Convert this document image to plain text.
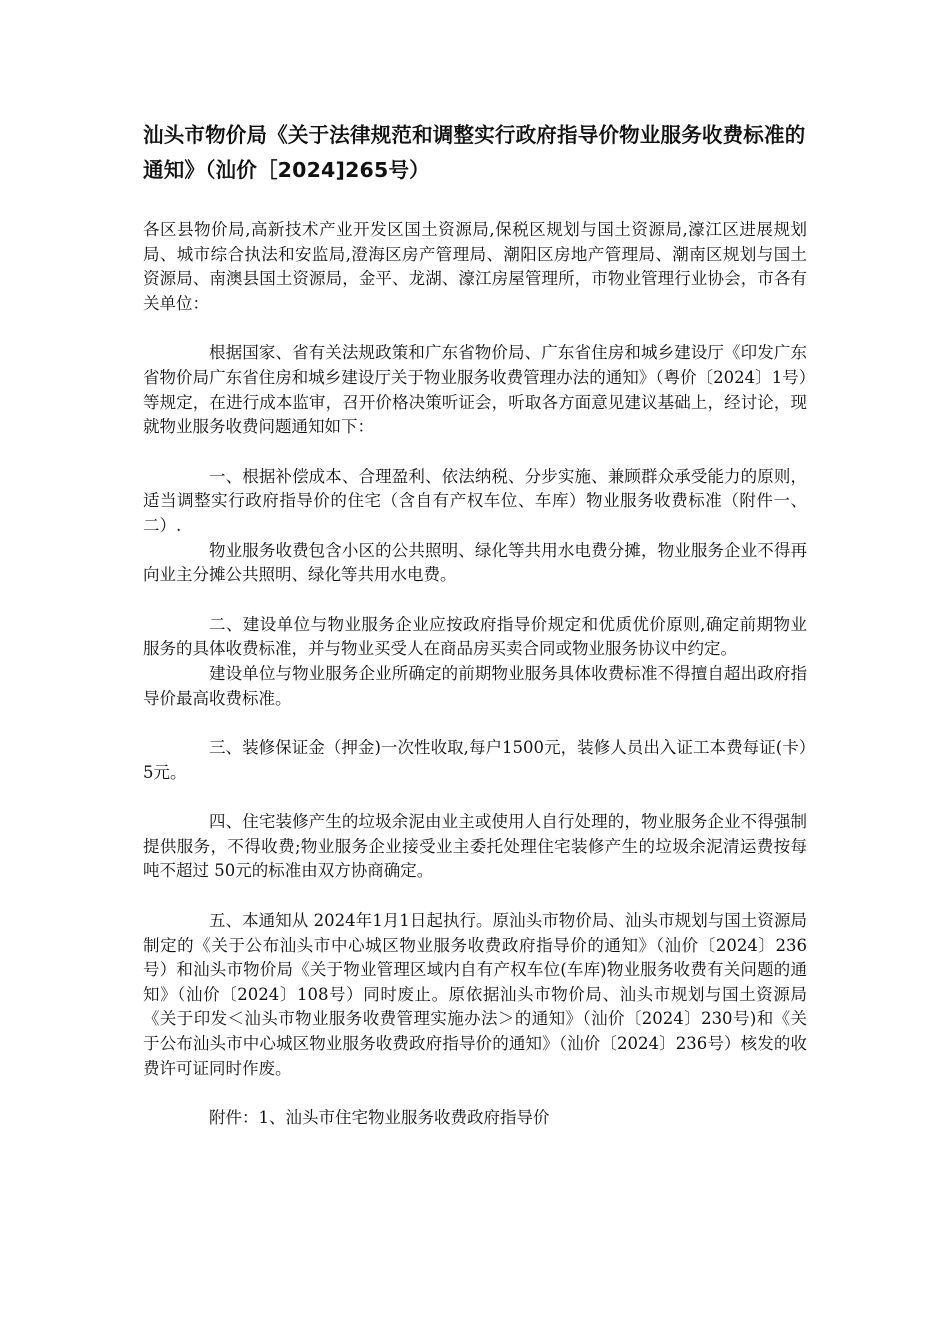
汕头市物价局《关于法律规范和调整实行政府指导价物业服务收费标准的通知》（汕价［2024]265号）

各区县物价局,高新技术产业开发区国土资源局,保税区规划与国土资源局,濠江区进展规划局、城市综合执法和安监局,澄海区房产管理局、潮阳区房地产管理局、潮南区规划与国土资源局、南澳县国土资源局，金平、龙湖、濠江房屋管理所，市物业管理行业协会，市各有关单位：

根据国家、省有关法规政策和广东省物价局、广东省住房和城乡建设厅《印发广东省物价局广东省住房和城乡建设厅关于物业服务收费管理办法的通知》（粤价〔2024〕1号）等规定，在进行成本监审，召开价格决策听证会，听取各方面意见建议基础上，经讨论，现就物业服务收费问题通知如下：

一、根据补偿成本、合理盈利、依法纳税、分步实施、兼顾群众承受能力的原则，适当调整实行政府指导价的住宅（含自有产权车位、车库）物业服务收费标准（附件一、二）.

物业服务收费包含小区的公共照明、绿化等共用水电费分摊，物业服务企业不得再向业主分摊公共照明、绿化等共用水电费。

二、建设单位与物业服务企业应按政府指导价规定和优质优价原则,确定前期物业服务的具体收费标准，并与物业买受人在商品房买卖合同或物业服务协议中约定。

建设单位与物业服务企业所确定的前期物业服务具体收费标准不得擅自超出政府指导价最高收费标准。

三、装修保证金（押金)一次性收取,每户1500元，装修人员出入证工本费每证(卡）5元。

四、住宅装修产生的垃圾余泥由业主或使用人自行处理的，物业服务企业不得强制提供服务，不得收费;物业服务企业接受业主委托处理住宅装修产生的垃圾余泥清运费按每吨不超过 50元的标准由双方协商确定。

五、本通知从 2024年1月1日起执行。原汕头市物价局、汕头市规划与国土资源局制定的《关于公布汕头市中心城区物业服务收费政府指导价的通知》（汕价〔2024〕236号）和汕头市物价局《关于物业管理区域内自有产权车位(车库)物业服务收费有关问题的通知》（汕价〔2024〕108号）同时废止。原依据汕头市物价局、汕头市规划与国土资源局《关于印发＜汕头市物业服务收费管理实施办法＞的通知》（汕价〔2024〕230号)和《关于公布汕头市中心城区物业服务收费政府指导价的通知》（汕价〔2024〕236号）核发的收费许可证同时作废。

附件：1、汕头市住宅物业服务收费政府指导价
